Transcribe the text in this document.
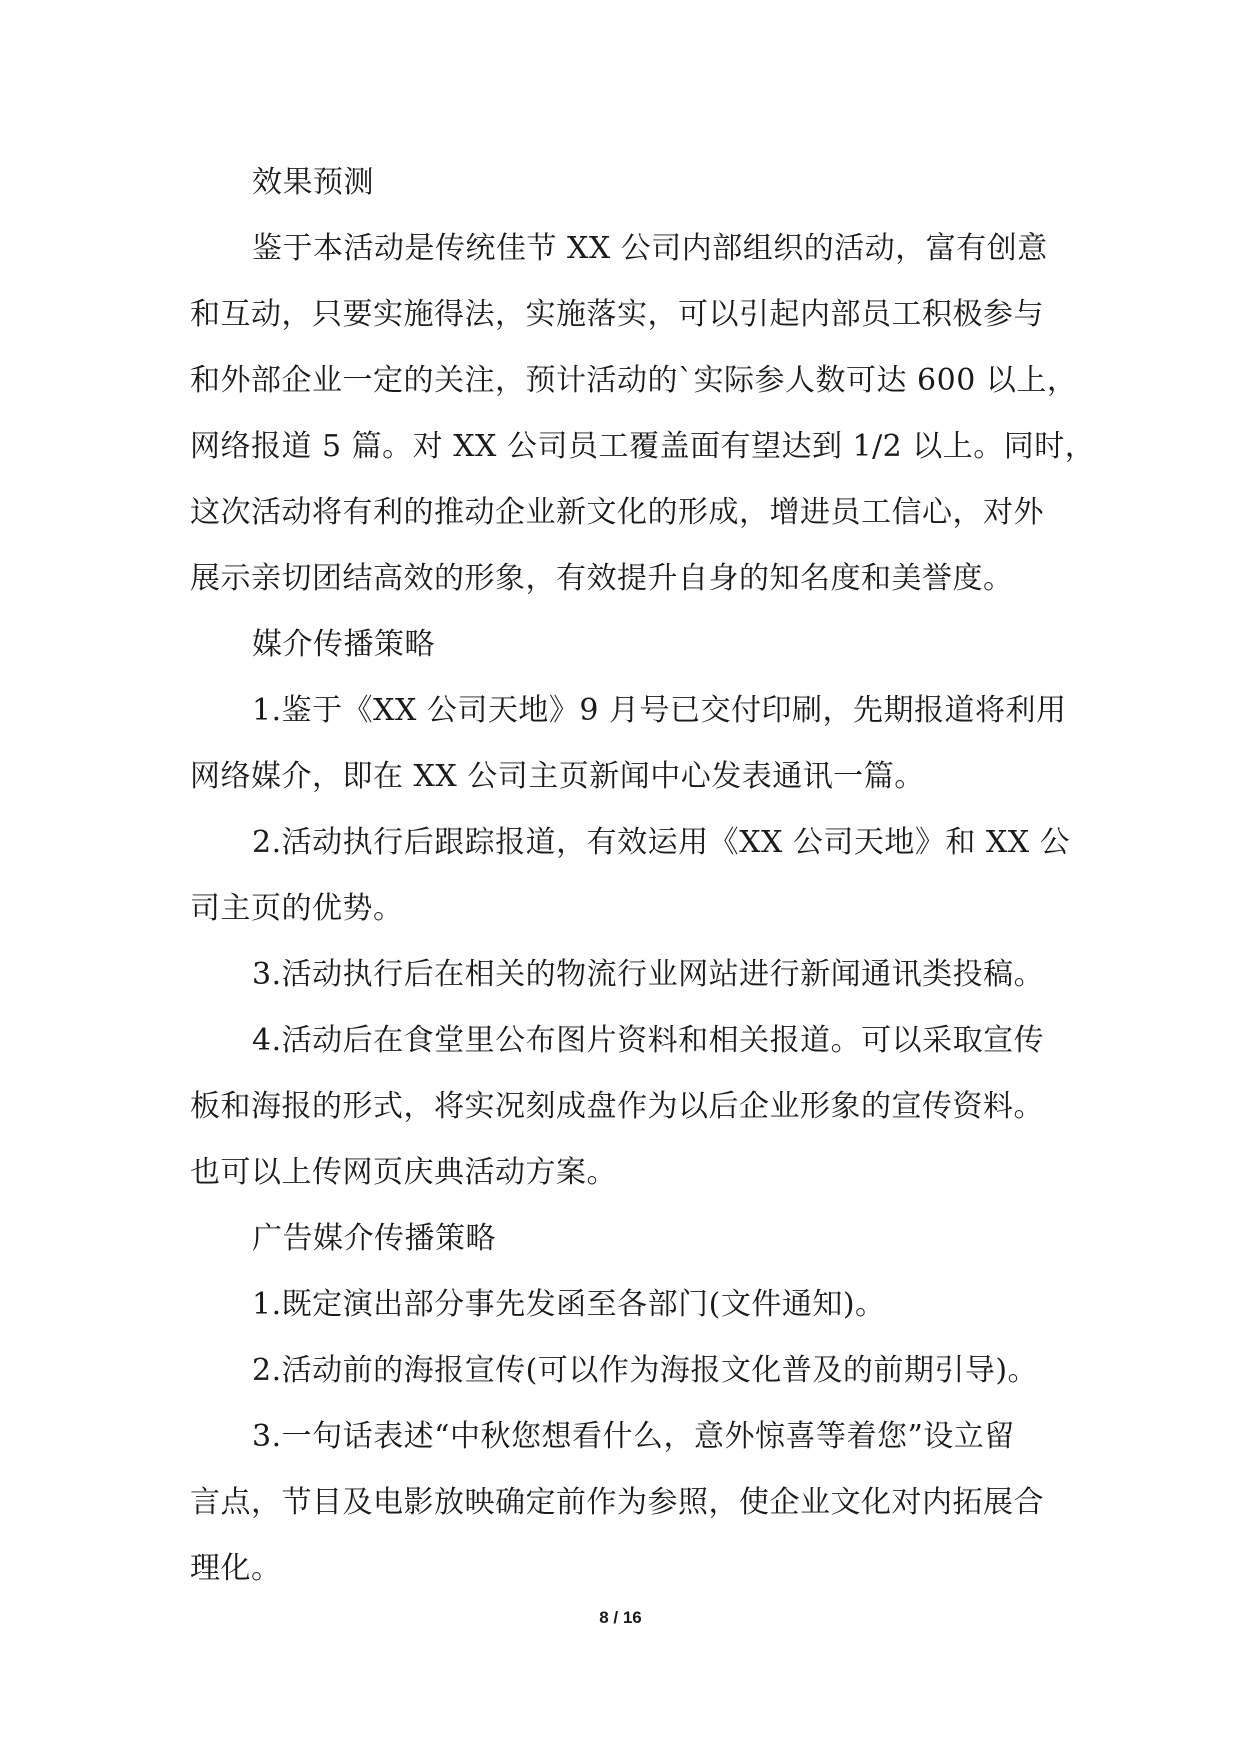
效果预测
鉴于本活动是传统佳节 XX 公司内部组织的活动，富有创意
和互动，只要实施得法，实施落实，可以引起内部员工积极参与
和外部企业一定的关注，预计活动的`实际参人数可达 600 以上，
网络报道 5 篇。对 XX 公司员工覆盖面有望达到 1/2 以上。同时，
这次活动将有利的推动企业新文化的形成，增进员工信心，对外
展示亲切团结高效的形象，有效提升自身的知名度和美誉度。
媒介传播策略
1.鉴于《XX 公司天地》9 月号已交付印刷，先期报道将利用
网络媒介，即在 XX 公司主页新闻中心发表通讯一篇。
2.活动执行后跟踪报道，有效运用《XX 公司天地》和 XX 公
司主页的优势。
3.活动执行后在相关的物流行业网站进行新闻通讯类投稿。
4.活动后在食堂里公布图片资料和相关报道。可以采取宣传
板和海报的形式，将实况刻成盘作为以后企业形象的宣传资料。
也可以上传网页庆典活动方案。
广告媒介传播策略
1.既定演出部分事先发函至各部门(文件通知)。
2.活动前的海报宣传(可以作为海报文化普及的前期引导)。
3.一句话表述“中秋您想看什么，意外惊喜等着您”设立留
言点，节目及电影放映确定前作为参照，使企业文化对内拓展合
理化。
8 / 16
